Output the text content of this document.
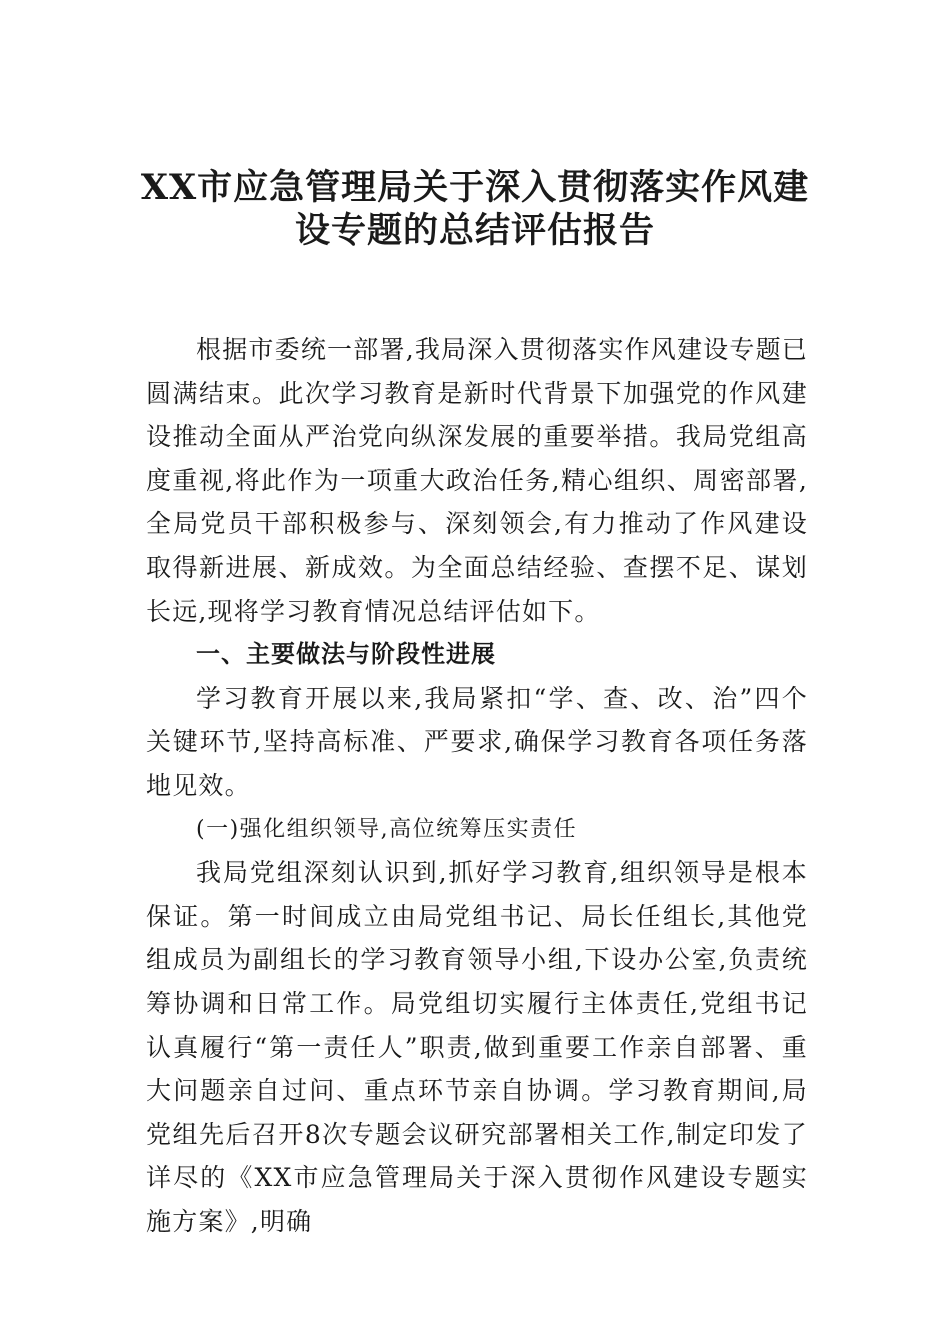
XX市应急管理局关于深入贯彻落实作风建
设专题的总结评估报告

根据市委统一部署,我局深入贯彻落实作风建设专题已圆满结束。此次学习教育是新时代背景下加强党的作风建设推动全面从严治党向纵深发展的重要举措。我局党组高度重视,将此作为一项重大政治任务,精心组织、周密部署,全局党员干部积极参与、深刻领会,有力推动了作风建设取得新进展、新成效。为全面总结经验、查摆不足、谋划长远,现将学习教育情况总结评估如下。

一、主要做法与阶段性进展

学习教育开展以来,我局紧扣“学、查、改、治”四个关键环节,坚持高标准、严要求,确保学习教育各项任务落地见效。

(一)强化组织领导,高位统筹压实责任

我局党组深刻认识到,抓好学习教育,组织领导是根本保证。第一时间成立由局党组书记、局长任组长,其他党组成员为副组长的学习教育领导小组,下设办公室,负责统筹协调和日常工作。局党组切实履行主体责任,党组书记认真履行“第一责任人”职责,做到重要工作亲自部署、重大问题亲自过问、重点环节亲自协调。学习教育期间,局党组先后召开8次专题会议研究部署相关工作,制定印发了详尽的《XX市应急管理局关于深入贯彻作风建设专题实施方案》,明确
